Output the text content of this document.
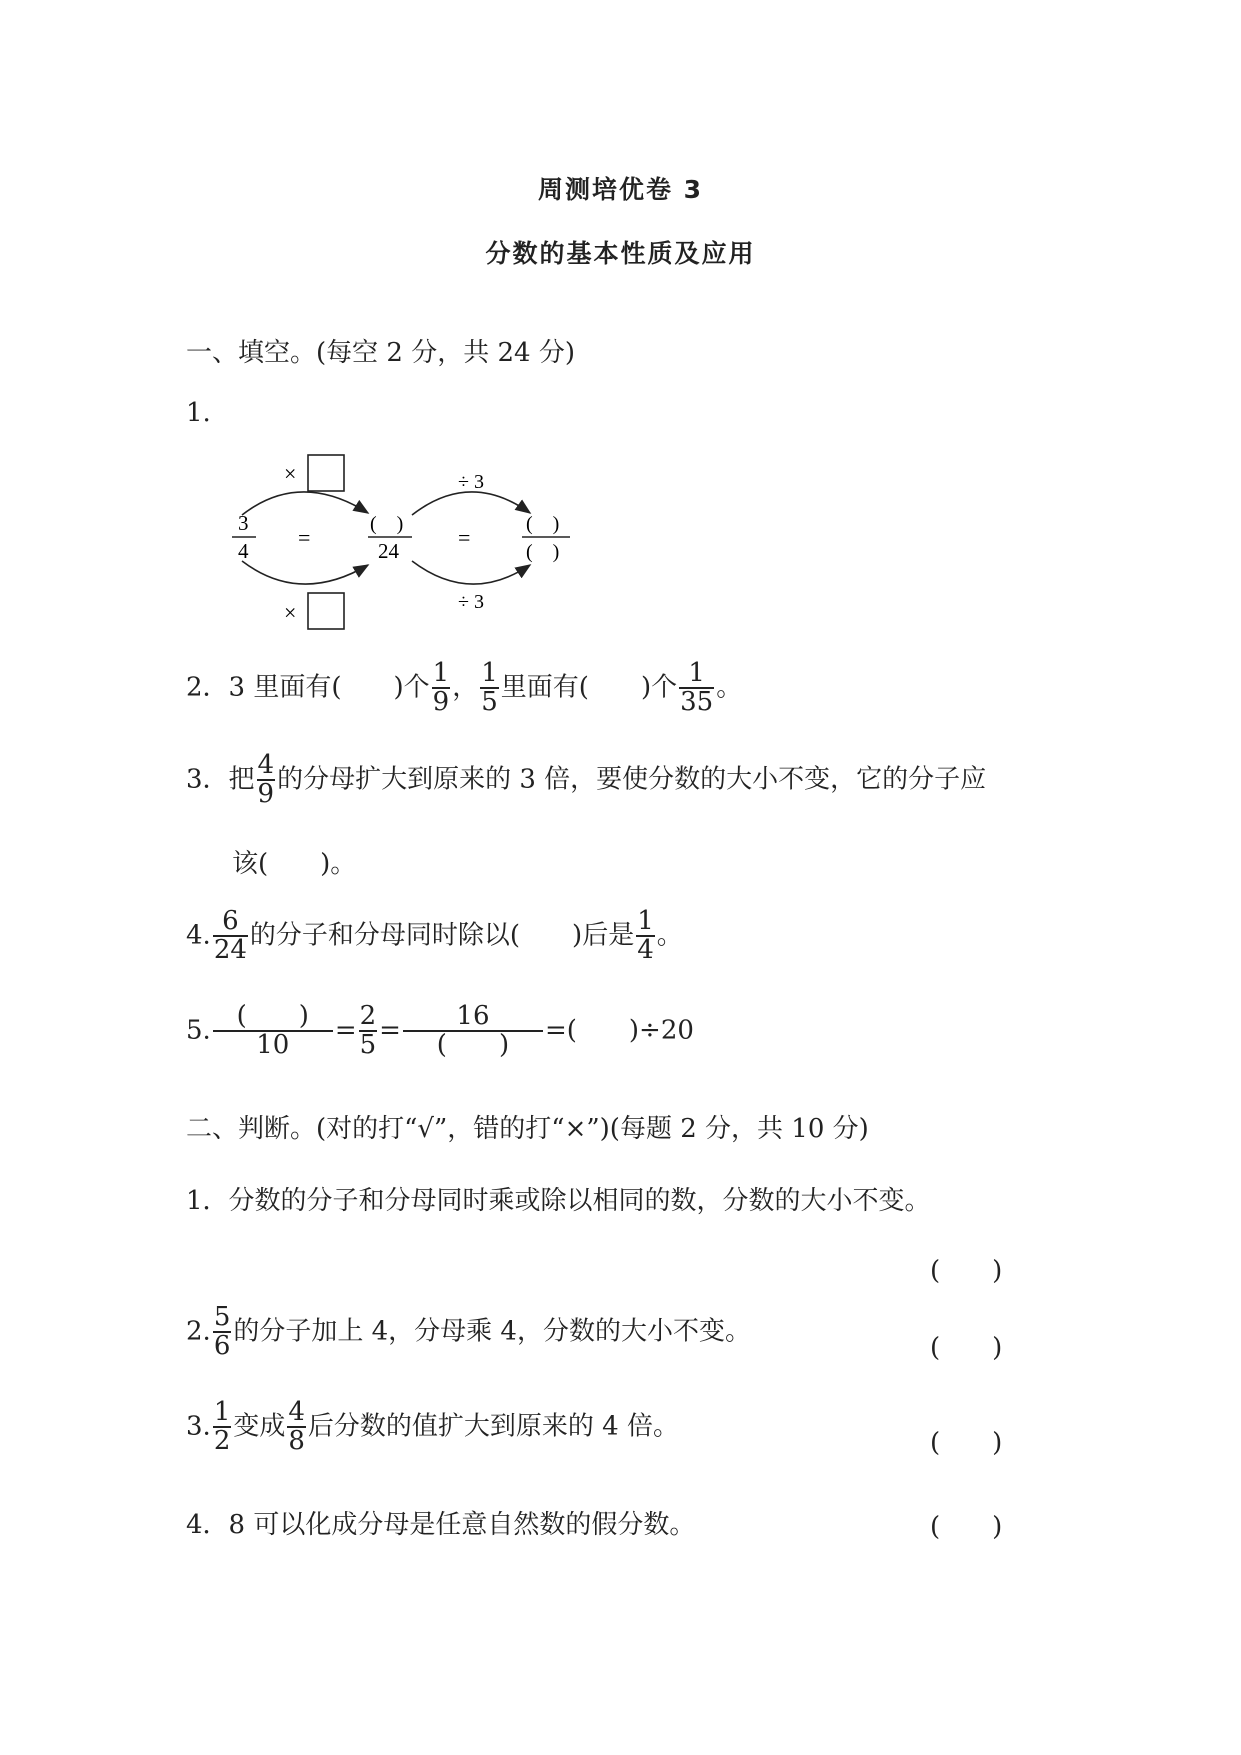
周测培优卷 3
分数的基本性质及应用
一、填空。(每空 2 分，共 24 分)
1.
×	÷ 3
3
4
=
(　)
24
=
(　)
(　)
×	÷ 3
2．3 里面有(　　 )个 $\frac{1}{9}$ ， $\frac{1}{5}$ 里面有(　　 )个 $\frac{1}{35}$ 。
3．把 $\frac{4}{9}$ 的分母扩大到原来的 3 倍，要使分数的大小不变，它的分子应
该(　　)。
4. $\frac{6}{24}$ 的分子和分母同时除以(　　)后是 $\frac{1}{4}$ 。
5. $\frac{( )}{10} = \frac{2}{5} = \frac{16}{( )}$ =(　　)÷20
二、判断。(对的打“√”，错的打“×”)(每题 2 分，共 10 分)
1．分数的分子和分母同时乘或除以相同的数，分数的大小不变。
(　　)
2. $\frac{5}{6}$ 的分子加上 4，分母乘 4，分数的大小不变。
(　　)
3. $\frac{1}{2}$ 变成 $\frac{4}{8}$ 后分数的值扩大到原来的 4 倍。
(　　)
4．8 可以化成分母是任意自然数的假分数。	(　　)
